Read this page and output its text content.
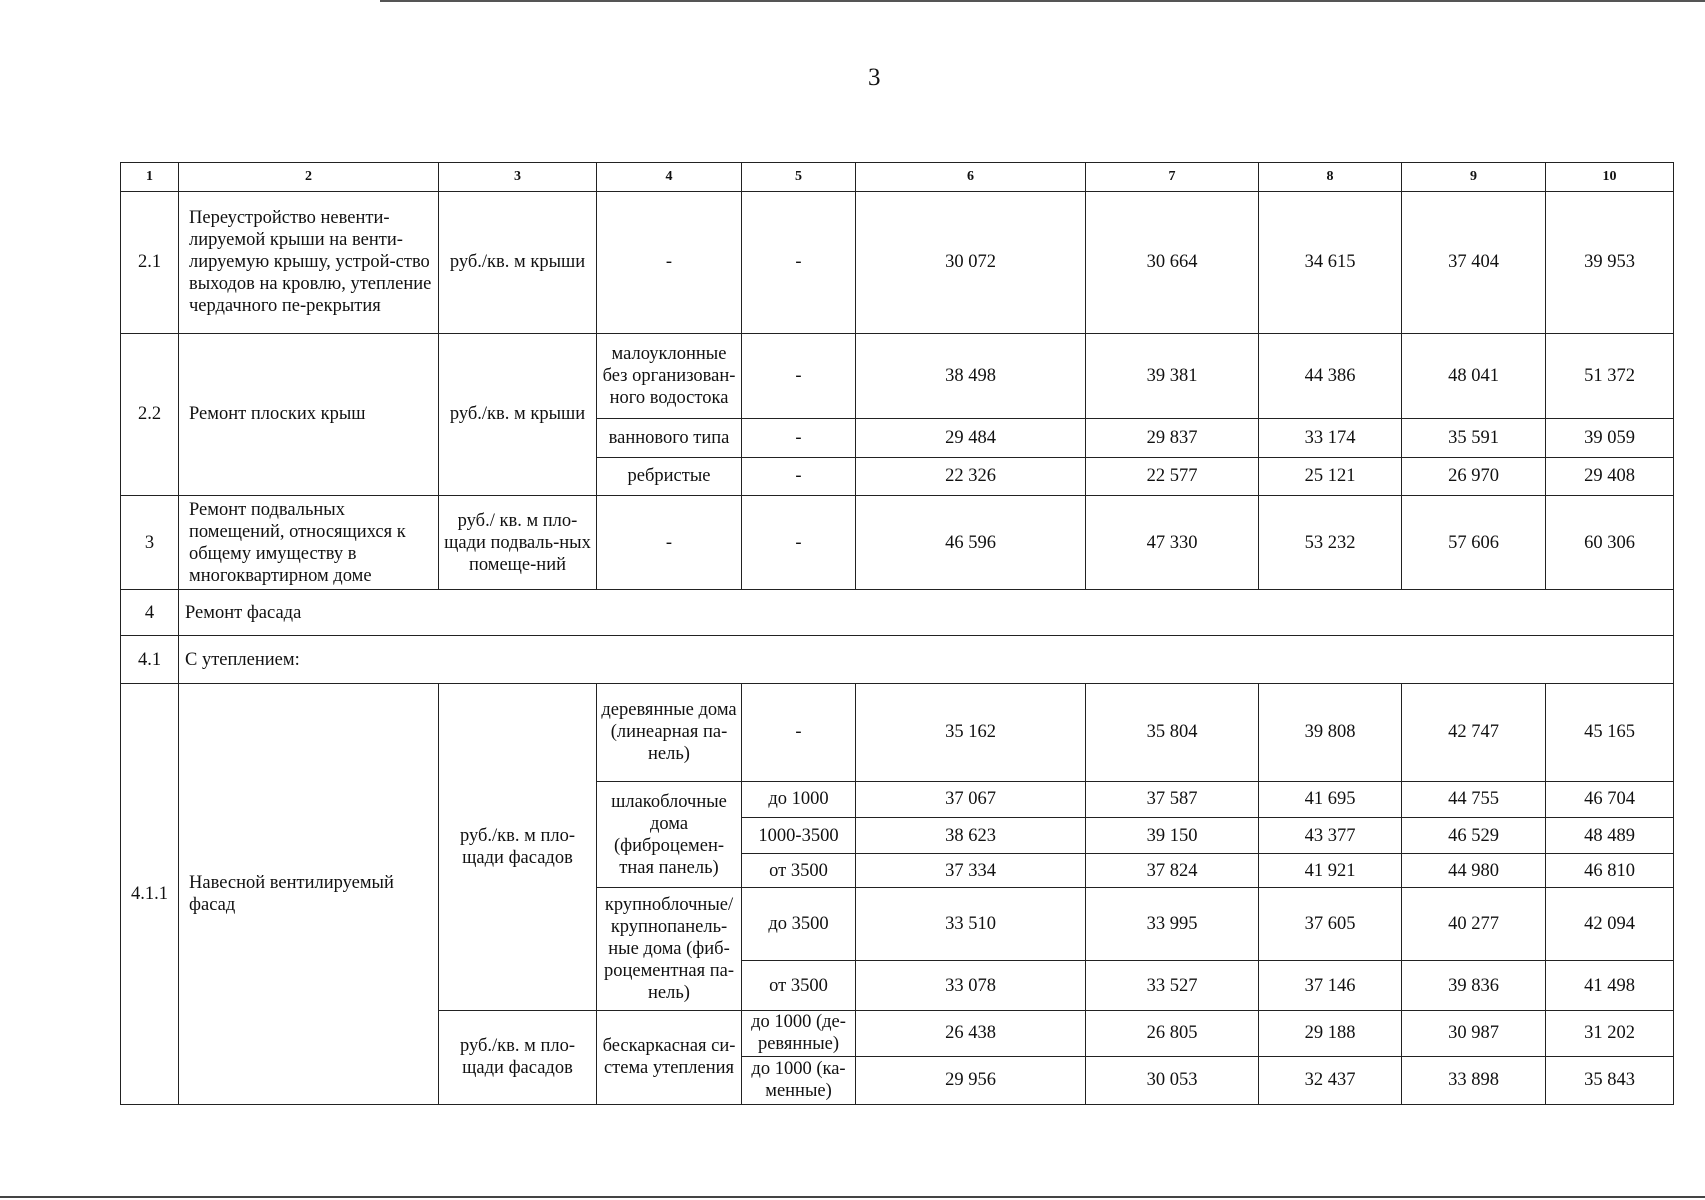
3
1	2	3	4	5	6	7	8	9	10
2.1	Переустройство невенти-лируемой крыши на венти-лируемую крышу, устрой-ство выходов на кровлю, утепление чердачного пе-рекрытия	руб./кв. м крыши	-	-	30 072	30 664	34 615	37 404	39 953
2.2	Ремонт плоских крыш	руб./кв. м крыши	малоуклонные без организован-ного водостока	-	38 498	39 381	44 386	48 041	51 372
			ваннового типа	-	29 484	29 837	33 174	35 591	39 059
			ребристые	-	22 326	22 577	25 121	26 970	29 408
3	Ремонт подвальных помещений, относящихся к общему имуществу в многоквартирном доме	руб./ кв. м пло-щади подваль-ных помеще-ний	-	-	46 596	47 330	53 232	57 606	60 306
4	Ремонт фасада								
4.1	С утеплением:								
4.1.1	Навесной вентилируемый фасад	руб./кв. м пло-щади фасадов	деревянные дома (линеарная па-нель)	-	35 162	35 804	39 808	42 747	45 165
			шлакоблочные дома (фиброцемен-тная панель)	до 1000	37 067	37 587	41 695	44 755	46 704
				1000-3500	38 623	39 150	43 377	46 529	48 489
				от 3500	37 334	37 824	41 921	44 980	46 810
			крупноблочные/ крупнопанель-ные дома (фиб-роцементная па-нель)	до 3500	33 510	33 995	37 605	40 277	42 094
				от 3500	33 078	33 527	37 146	39 836	41 498
		руб./кв. м пло-щади фасадов	бескаркасная си-стема утепления	до 1000 (де-ревянные)	26 438	26 805	29 188	30 987	31 202
				до 1000 (ка-менные)	29 956	30 053	32 437	33 898	35 843
